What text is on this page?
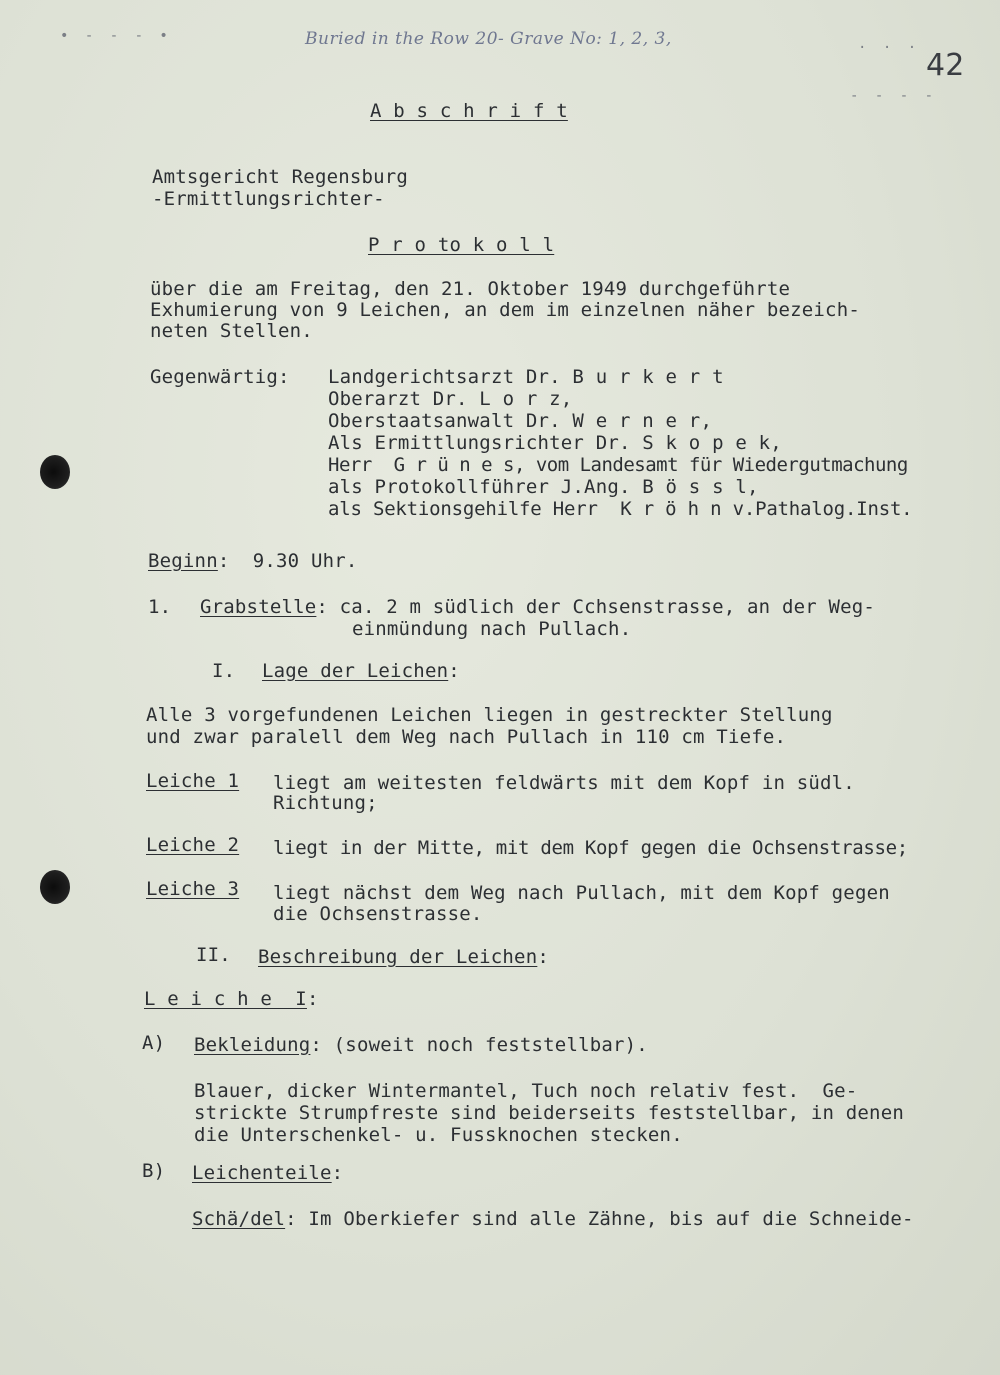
• - - - •	Buried in the Row 20- Grave No: 1, 2, 3,	. . .
42
- - - -
A b s c h r i f t
Amtsgericht Regensburg
-Ermittlungsrichter-
P r o to k o l l
über die am Freitag, den 21. Oktober 1949 durchgeführte
Exhumierung von 9 Leichen, an dem im einzelnen näher bezeich-
neten Stellen.
Gegenwärtig: Landgerichtsarzt Dr. B u r k e r t
Oberarzt Dr. L o r z,
Oberstaatsanwalt Dr. W e r n e r,
Als Ermittlungsrichter Dr. S k o p e k,
Herr  G r ü n e s, vom Landesamt für Wiedergutmachung
als Protokollführer J.Ang. B ö s s l,
als Sektionsgehilfe Herr  K r ö h n v.Pathalog.Inst.
Beginn:  9.30 Uhr.
1. Grabstelle: ca. 2 m südlich der Cchsenstrasse, an der Weg-
einmündung nach Pullach.
I. Lage der Leichen:
Alle 3 vorgefundenen Leichen liegen in gestreckter Stellung
und zwar paralell dem Weg nach Pullach in 110 cm Tiefe.
Leiche 1 liegt am weitesten feldwärts mit dem Kopf in südl.
Richtung;
Leiche 2 liegt in der Mitte, mit dem Kopf gegen die Ochsenstrasse;
Leiche 3 liegt nächst dem Weg nach Pullach, mit dem Kopf gegen
die Ochsenstrasse.
II. Beschreibung der Leichen:
L e i c h e  I:
A) Bekleidung: (soweit noch feststellbar).
Blauer, dicker Wintermantel, Tuch noch relativ fest.  Ge-
strickte Strumpfreste sind beiderseits feststellbar, in denen
die Unterschenkel- u. Fussknochen stecken.
B) Leichenteile:
Schä/del: Im Oberkiefer sind alle Zähne, bis auf die Schneide-
